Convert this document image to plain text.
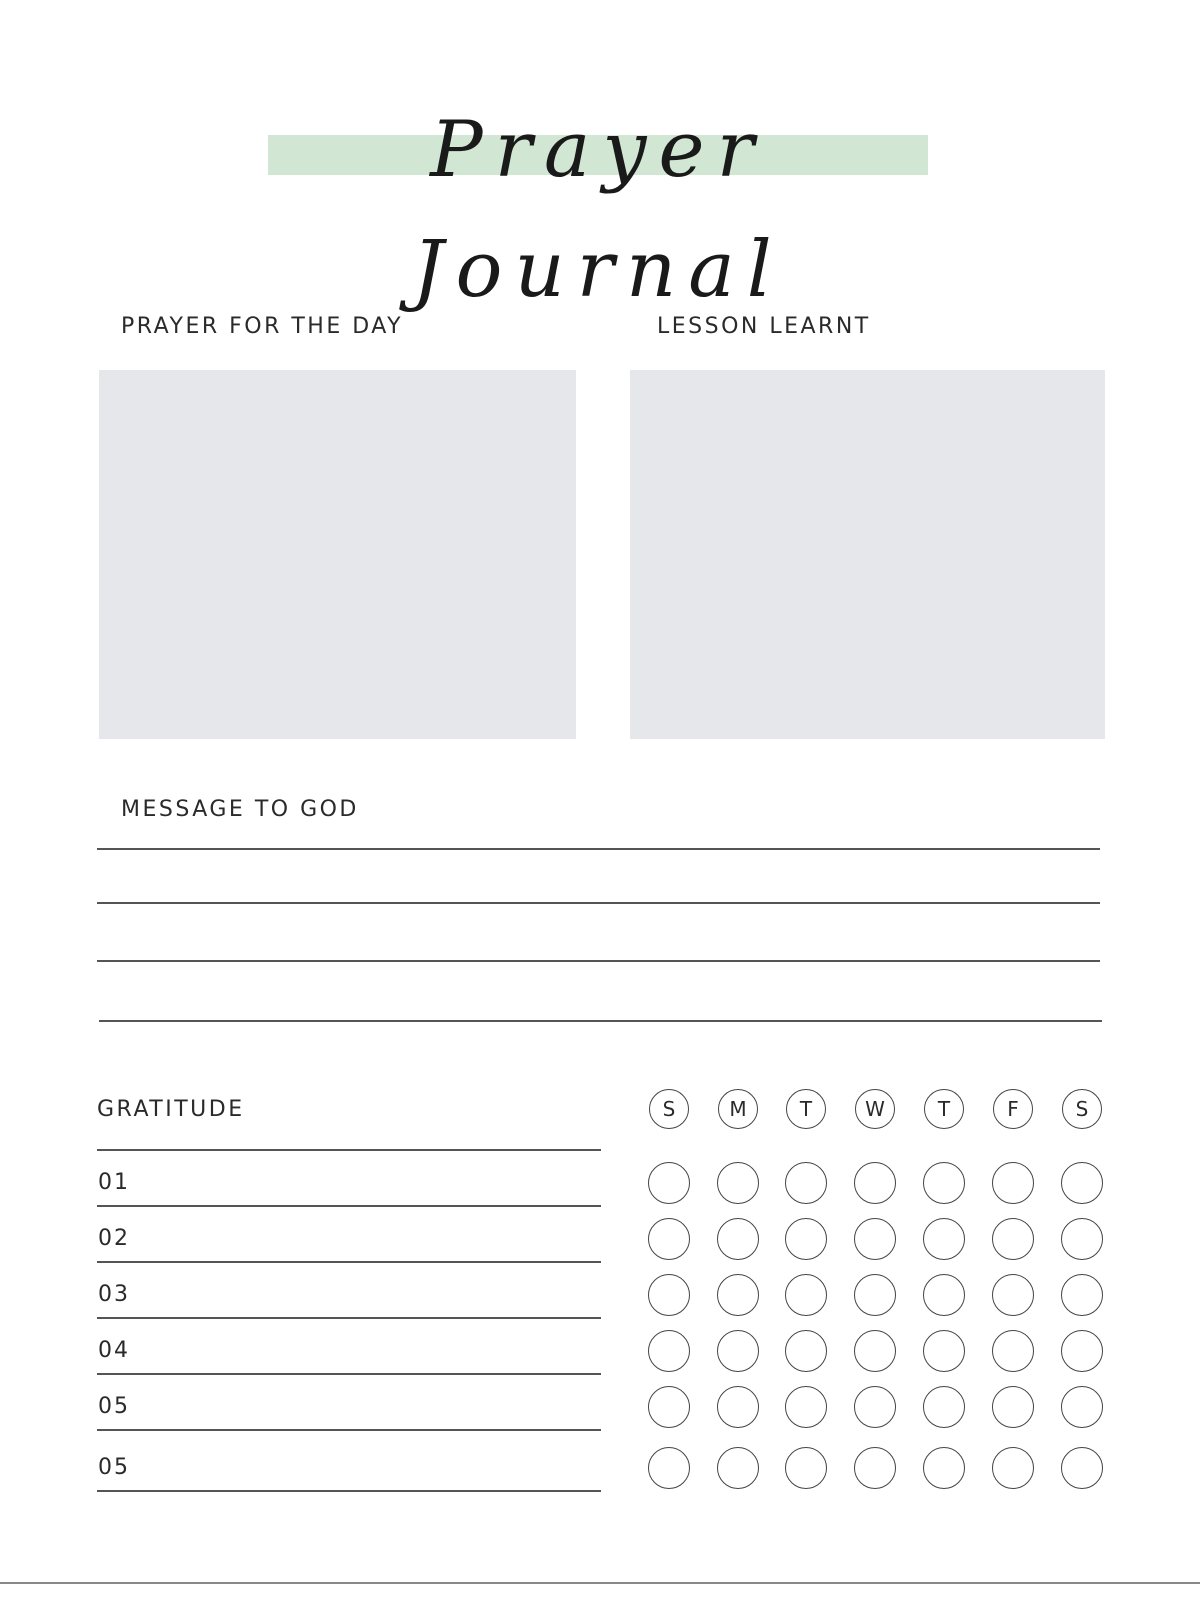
Prayer Journal
PRAYER FOR THE DAY	LESSON LEARNT
MESSAGE TO GOD
GRATITUDE
01
02
03
04
05
05
S	M	T	W	T	F	S
